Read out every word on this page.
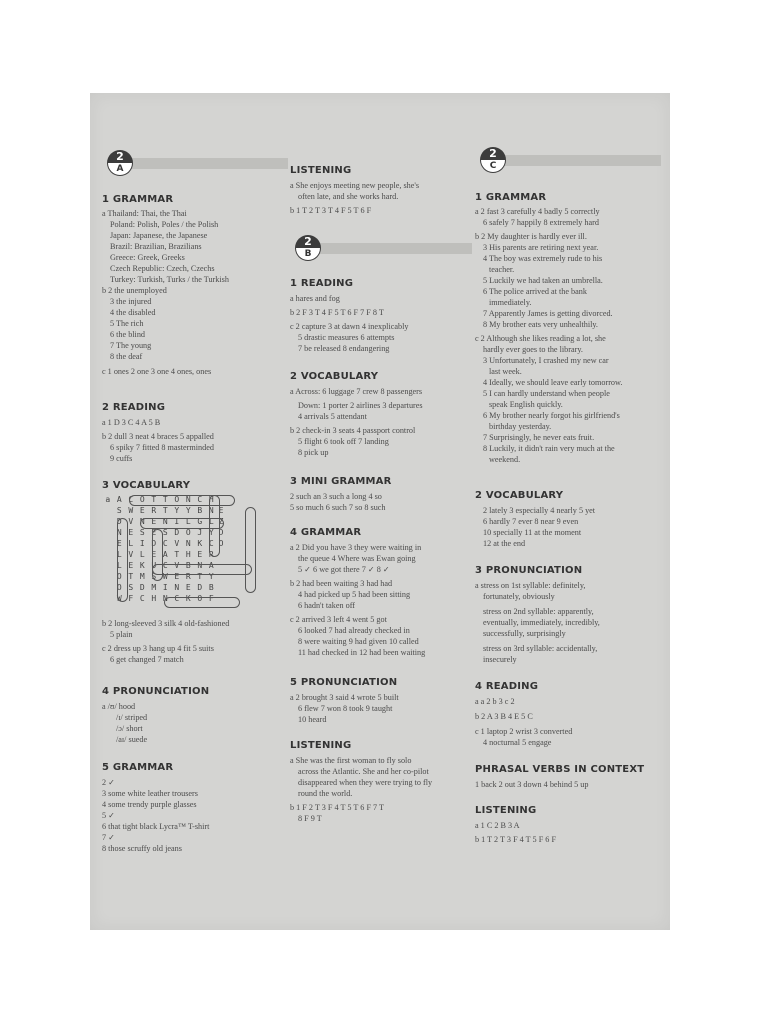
2
A
1 GRAMMAR
a Thailand: Thai, the Thai
Poland: Polish, Poles / the Polish
Japan: Japanese, the Japanese
Brazil: Brazilian, Brazilians
Greece: Greek, Greeks
Czech Republic: Czech, Czechs
Turkey: Turkish, Turks / the Turkish
b 2 the unemployed
3 the injured
4 the disabled
5 The rich
6 the blind
7 The young
8 the deaf
c 1 ones 2 one 3 one 4 ones, ones
2 READING
a 1 D 3 C 4 A 5 B
b 2 dull 3 neat 4 braces 5 appalled
6 spiky 7 fitted 8 masterminded
9 cuffs
3 VOCABULARY
a	A	C	O	T	T	O	N	C	H	
	S	W	E	R	T	Y	Y	B	N	E
	D	V	N	E	N	I	L	G	L	Z
	N	E	S	E	S	D	O	J	Y	D
	E	L	I	D	C	V	N	K	C	O
	L	V	L	E	A	T	H	E	R	
	L	E	K	U	C	V	B	N	A	
	O	T	M	S	W	E	R	T	Y	
	O	S	D	M	I	N	E	D	B	
	W	F	C	H	N	C	K	O	F	
b 2 long-sleeved 3 silk 4 old-fashioned
5 plain
c 2 dress up 3 hang up 4 fit 5 suits
6 get changed 7 match
4 PRONUNCIATION
a /ʊ/ hood
/ɪ/ striped
/ɔ/ short
/aɪ/ suede
5 GRAMMAR
2 ✓
3 some white leather trousers
4 some trendy purple glasses
5 ✓
6 that tight black Lycra™ T-shirt
7 ✓
8 those scruffy old jeans
LISTENING
a She enjoys meeting new people, she's
often late, and she works hard.
b 1 T 2 T 3 T 4 F 5 T 6 F
2
B
1 READING
a hares and fog
b 2 F 3 T 4 F 5 T 6 F 7 F 8 T
c 2 capture 3 at dawn 4 inexplicably
5 drastic measures 6 attempts
7 be released 8 endangering
2 VOCABULARY
a Across: 6 luggage 7 crew 8 passengers
Down: 1 porter 2 airlines 3 departures
4 arrivals 5 attendant
b 2 check-in 3 seats 4 passport control
5 flight 6 took off 7 landing
8 pick up
3 MINI GRAMMAR
2 such an 3 such a long 4 so
5 so much 6 such 7 so 8 such
4 GRAMMAR
a 2 Did you have 3 they were waiting in
the queue 4 Where was Ewan going
5 ✓ 6 we got there 7 ✓ 8 ✓
b 2 had been waiting 3 had had
4 had picked up 5 had been sitting
6 hadn't taken off
c 2 arrived 3 left 4 went 5 got
6 looked 7 had already checked in
8 were waiting 9 had given 10 called
11 had checked in 12 had been waiting
5 PRONUNCIATION
a 2 brought 3 said 4 wrote 5 built
6 flew 7 won 8 took 9 taught
10 heard
LISTENING
a She was the first woman to fly solo
across the Atlantic. She and her co-pilot
disappeared when they were trying to fly
round the world.
b 1 F 2 T 3 F 4 T 5 T 6 F 7 T
8 F 9 T
2
C
1 GRAMMAR
a 2 fast 3 carefully 4 badly 5 correctly
6 safely 7 happily 8 extremely hard
b 2 My daughter is hardly ever ill.
3 His parents are retiring next year.
4 The boy was extremely rude to his
teacher.
5 Luckily we had taken an umbrella.
6 The police arrived at the bank
immediately.
7 Apparently James is getting divorced.
8 My brother eats very unhealthily.
c 2 Although she likes reading a lot, she
hardly ever goes to the library.
3 Unfortunately, I crashed my new car
last week.
4 Ideally, we should leave early tomorrow.
5 I can hardly understand when people
speak English quickly.
6 My brother nearly forgot his girlfriend's
birthday yesterday.
7 Surprisingly, he never eats fruit.
8 Luckily, it didn't rain very much at the
weekend.
2 VOCABULARY
2 lately 3 especially 4 nearly 5 yet
6 hardly 7 ever 8 near 9 even
10 specially 11 at the moment
12 at the end
3 PRONUNCIATION
a stress on 1st syllable: definitely,
fortunately, obviously
stress on 2nd syllable: apparently,
eventually, immediately, incredibly,
successfully, surprisingly
stress on 3rd syllable: accidentally,
insecurely
4 READING
a a 2 b 3 c 2
b 2 A 3 B 4 E 5 C
c 1 laptop 2 wrist 3 converted
4 nocturnal 5 engage
PHRASAL VERBS IN CONTEXT
1 back 2 out 3 down 4 behind 5 up
LISTENING
a 1 C 2 B 3 A
b 1 T 2 T 3 F 4 T 5 F 6 F
